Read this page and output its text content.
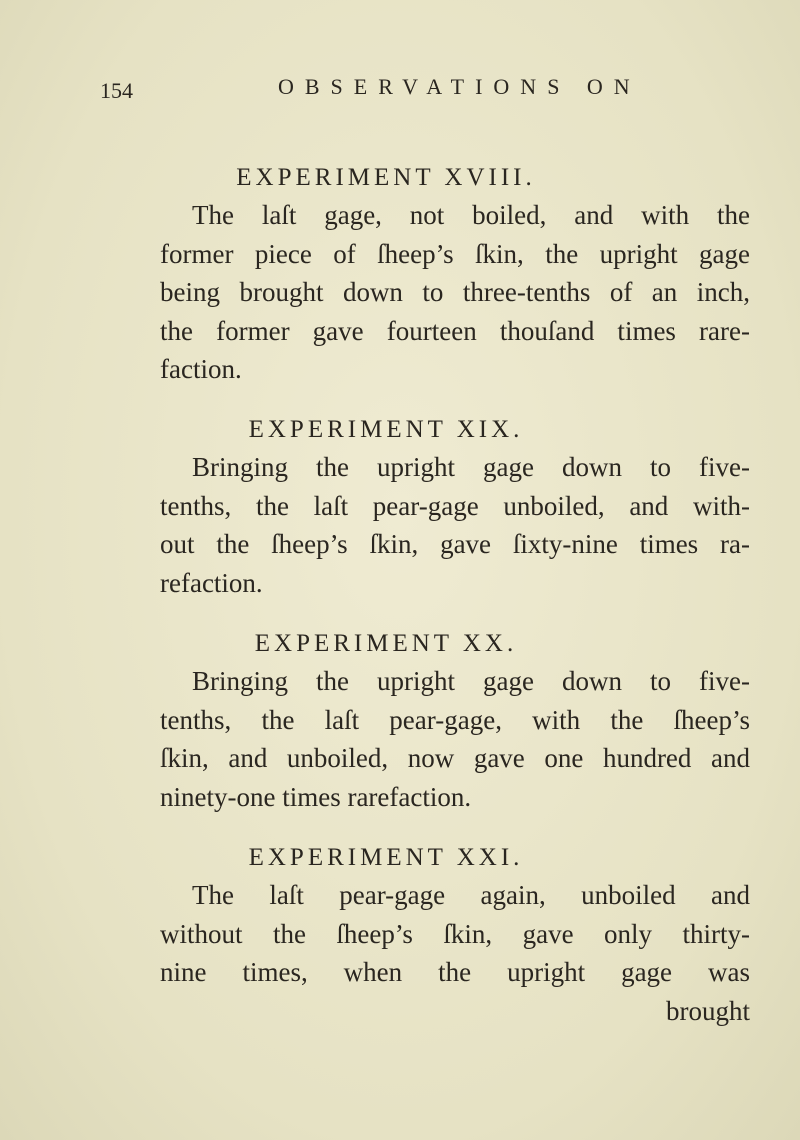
154	OBSERVATIONS ON
EXPERIMENT XVIII.
The laſt gage, not boiled, and with the
former piece of ſheep’s ſkin, the upright gage
being brought down to three-tenths of an inch,
the former gave fourteen thouſand times rare-
faction.
EXPERIMENT XIX.
Bringing the upright gage down to five-
tenths, the laſt pear-gage unboiled, and with-
out the ſheep’s ſkin, gave ſixty-nine times ra-
refaction.
EXPERIMENT XX.
Bringing the upright gage down to five-
tenths, the laſt pear-gage, with the ſheep’s
ſkin, and unboiled, now gave one hundred and
ninety-one times rarefaction.
EXPERIMENT XXI.
The laſt pear-gage again, unboiled and
without the ſheep’s ſkin, gave only thirty-
nine times, when the upright gage was
brought
